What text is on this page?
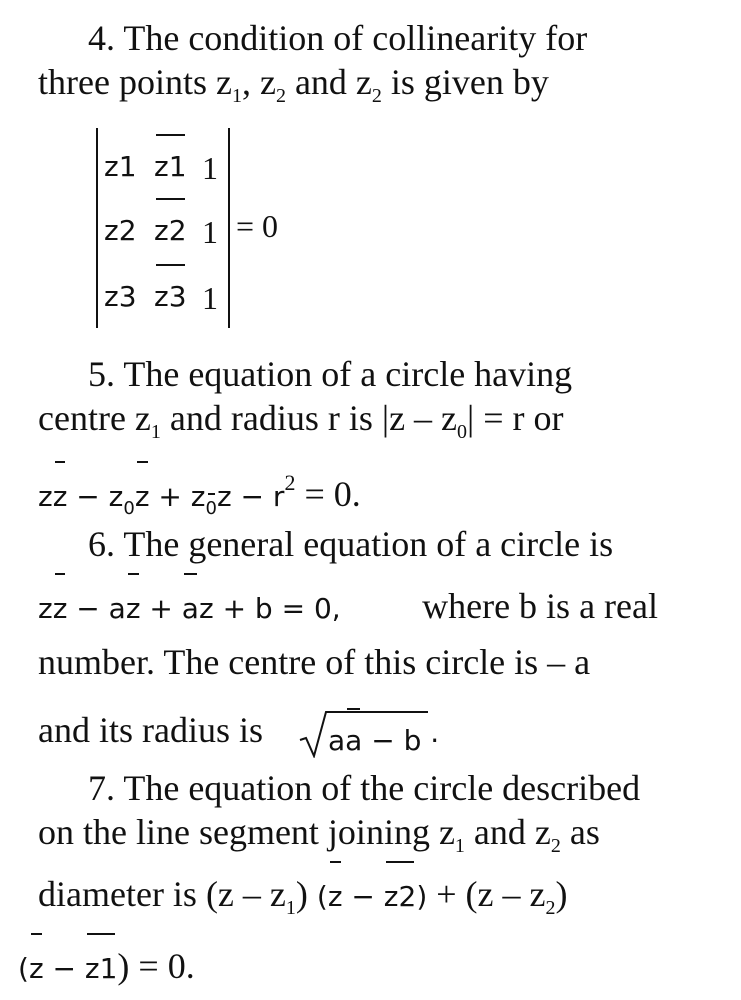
4. The condition of collinearity for
three points $z_1$, $z_2$ and $z_2$ is given by
z1 z1 1
z2 z2 1
z3 z3 1
= 0
5. The equation of a circle having
centre $z_1$ and radius r is $|z - z_0| = r$ or
zz − $z_0z + z_0z - r^2 = 0$.
6. The general equation of a circle is
zz − az + az + b = 0, where b is a real
number. The centre of this circle is – a
and its radius is aa − b ·
7. The equation of the circle described
on the line segment joining $z_1$ and $z_2$ as
diameter is $(z - z_1)$ $(z - z2) + (z - z_2)$
(z − z1) = 0.
